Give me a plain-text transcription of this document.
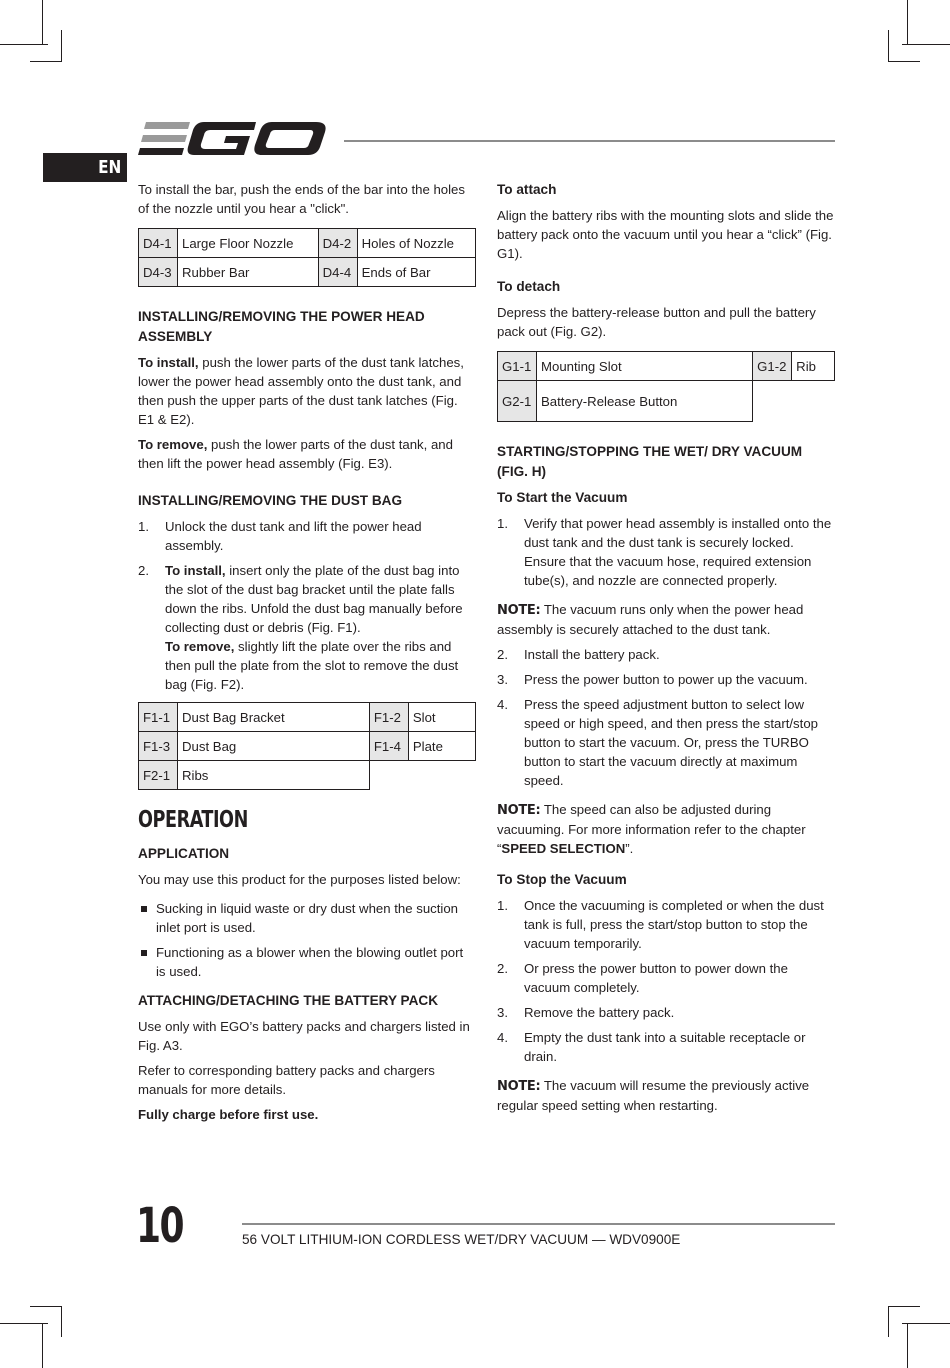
EN

To install the bar, push the ends of the bar into the holes of the nozzle until you hear a "click".

D4-1	Large Floor Nozzle	D4-2	Holes of Nozzle
D4-3	Rubber Bar	D4-4	Ends of Bar
INSTALLING/REMOVING THE POWER HEAD ASSEMBLY

To install, push the lower parts of the dust tank latches, lower the power head assembly onto the dust tank, and then push the upper parts of the dust tank latches (Fig. E1 & E2).

To remove, push the lower parts of the dust tank, and then lift the power head assembly (Fig. E3).

INSTALLING/REMOVING THE DUST BAG
1. Unlock the dust tank and lift the power head assembly.
2. To install, insert only the plate of the dust bag into the slot of the dust bag bracket until the plate falls down the ribs. Unfold the dust bag manually before collecting dust or debris (Fig. F1).
To remove, slightly lift the plate over the ribs and then pull the plate from the slot to remove the dust bag (Fig. F2).
F1-1	Dust Bag Bracket	F1-2	Slot
F1-3	Dust Bag	F1-4	Plate
F2-1	Ribs		
OPERATION
APPLICATION

You may use this product for the purposes listed below:

Sucking in liquid waste or dry dust when the suction inlet port is used.
Functioning as a blower when the blowing outlet port is used.
ATTACHING/DETACHING THE BATTERY PACK

Use only with EGO’s battery packs and chargers listed in Fig. A3.

Refer to corresponding battery packs and chargers manuals for more details.

Fully charge before first use.

To attach

Align the battery ribs with the mounting slots and slide the battery pack onto the vacuum until you hear a “click” (Fig. G1).

To detach

Depress the battery-release button and pull the battery pack out (Fig. G2).

G1-1	Mounting Slot	G1-2	Rib
G2-1	Battery-Release Button		
STARTING/STOPPING THE WET/ DRY VACUUM (FIG. H)
To Start the Vacuum
1. Verify that power head assembly is installed onto the dust tank and the dust tank is securely locked. Ensure that the vacuum hose, required extension tube(s), and nozzle are connected properly.

NOTE: The vacuum runs only when the power head assembly is securely attached to the dust tank.

2. Install the battery pack.
3. Press the power button to power up the vacuum.
4. Press the speed adjustment button to select low speed or high speed, and then press the start/stop button to start the vacuum. Or, press the TURBO button to start the vacuum directly at maximum speed.

NOTE: The speed can also be adjusted during vacuuming. For more information refer to the chapter “SPEED SELECTION”.

To Stop the Vacuum
1. Once the vacuuming is completed or when the dust tank is full, press the start/stop button to stop the vacuum temporarily.
2. Or press the power button to power down the vacuum completely.
3. Remove the battery pack.
4. Empty the dust tank into a suitable receptacle or drain.

NOTE: The vacuum will resume the previously active regular speed setting when restarting.

10	56 VOLT LITHIUM-ION CORDLESS WET/DRY VACUUM — WDV0900E
